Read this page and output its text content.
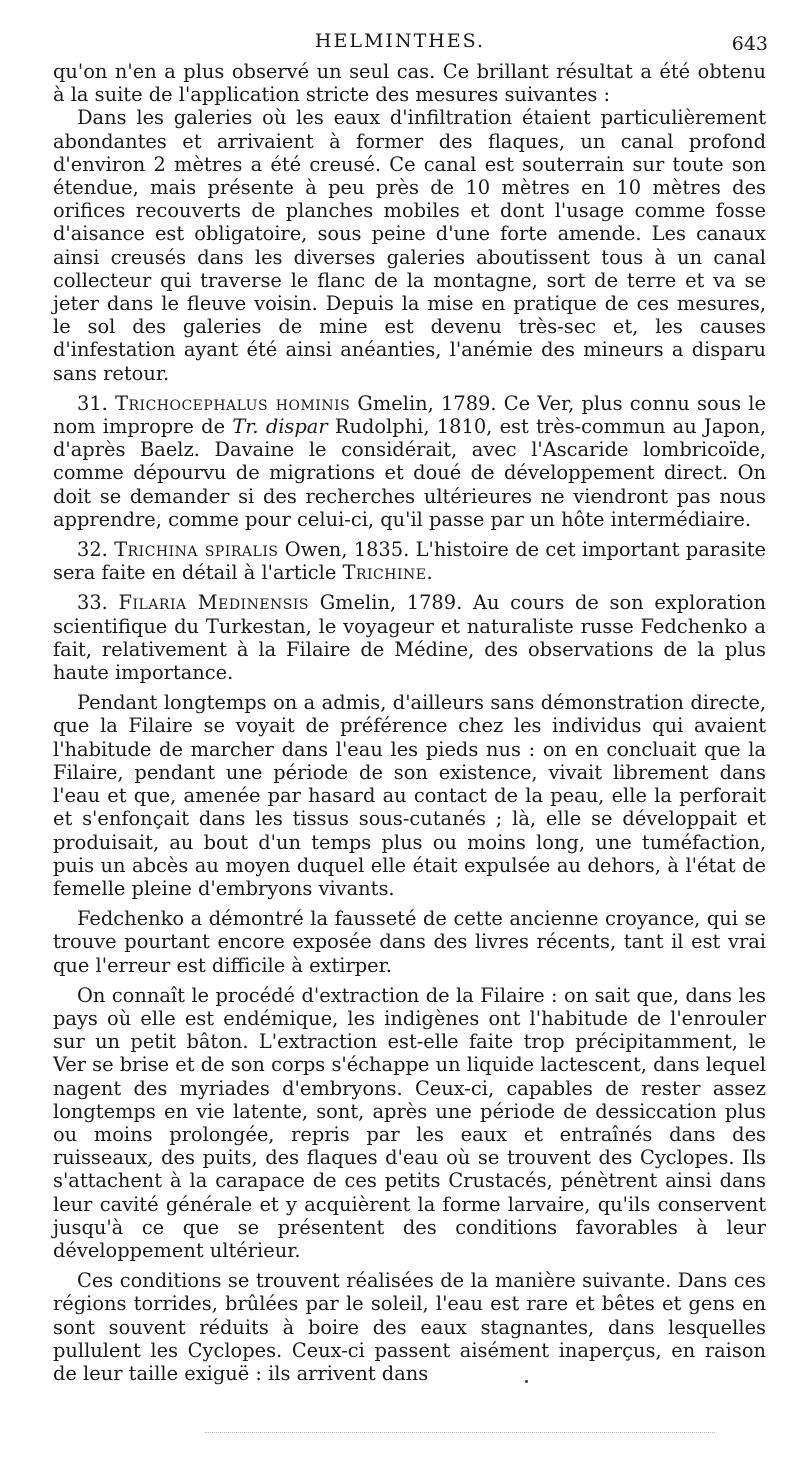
HELMINTHES.	643

qu'on n'en a plus observé un seul cas. Ce brillant résultat a été obtenu à la suite de l'application stricte des mesures suivantes :

Dans les galeries où les eaux d'infiltration étaient particulièrement abondantes et arrivaient à former des flaques, un canal profond d'environ 2 mètres a été creusé. Ce canal est souterrain sur toute son étendue, mais présente à peu près de 10 mètres en 10 mètres des orifices recouverts de planches mobiles et dont l'usage comme fosse d'aisance est obligatoire, sous peine d'une forte amende. Les canaux ainsi creusés dans les diverses galeries aboutissent tous à un canal collecteur qui traverse le flanc de la montagne, sort de terre et va se jeter dans le fleuve voisin. Depuis la mise en pratique de ces mesures, le sol des galeries de mine est devenu très-sec et, les causes d'infestation ayant été ainsi anéanties, l'anémie des mineurs a disparu sans retour.

31. Trichocephalus hominis Gmelin, 1789. Ce Ver, plus connu sous le nom impropre de Tr. dispar Rudolphi, 1810, est très-commun au Japon, d'après Baelz. Davaine le considérait, avec l'Ascaride lombricoïde, comme dépourvu de migrations et doué de développement direct. On doit se demander si des recherches ultérieures ne viendront pas nous apprendre, comme pour celui-ci, qu'il passe par un hôte intermédiaire.

32. Trichina spiralis Owen, 1835. L'histoire de cet important parasite sera faite en détail à l'article Trichine.

33. Filaria Medinensis Gmelin, 1789. Au cours de son exploration scientifique du Turkestan, le voyageur et naturaliste russe Fedchenko a fait, relativement à la Filaire de Médine, des observations de la plus haute importance.

Pendant longtemps on a admis, d'ailleurs sans démonstration directe, que la Filaire se voyait de préférence chez les individus qui avaient l'habitude de marcher dans l'eau les pieds nus : on en concluait que la Filaire, pendant une période de son existence, vivait librement dans l'eau et que, amenée par hasard au contact de la peau, elle la perforait et s'enfonçait dans les tissus sous-cutanés ; là, elle se développait et produisait, au bout d'un temps plus ou moins long, une tuméfaction, puis un abcès au moyen duquel elle était expulsée au dehors, à l'état de femelle pleine d'embryons vivants.

Fedchenko a démontré la fausseté de cette ancienne croyance, qui se trouve pourtant encore exposée dans des livres récents, tant il est vrai que l'erreur est difficile à extirper.

On connaît le procédé d'extraction de la Filaire : on sait que, dans les pays où elle est endémique, les indigènes ont l'habitude de l'enrouler sur un petit bâton. L'extraction est-elle faite trop précipitamment, le Ver se brise et de son corps s'échappe un liquide lactescent, dans lequel nagent des myriades d'embryons. Ceux-ci, capables de rester assez longtemps en vie latente, sont, après une période de dessiccation plus ou moins prolongée, repris par les eaux et entraînés dans des ruisseaux, des puits, des flaques d'eau où se trouvent des Cyclopes. Ils s'attachent à la carapace de ces petits Crustacés, pénètrent ainsi dans leur cavité générale et y acquièrent la forme larvaire, qu'ils conservent jusqu'à ce que se présentent des conditions favorables à leur développement ultérieur.

Ces conditions se trouvent réalisées de la manière suivante. Dans ces régions torrides, brûlées par le soleil, l'eau est rare et bêtes et gens en sont souvent réduits à boire des eaux stagnantes, dans lesquelles pullulent les Cyclopes. Ceux-ci passent aisément inaperçus, en raison de leur taille exiguë : ils arrivent dans
